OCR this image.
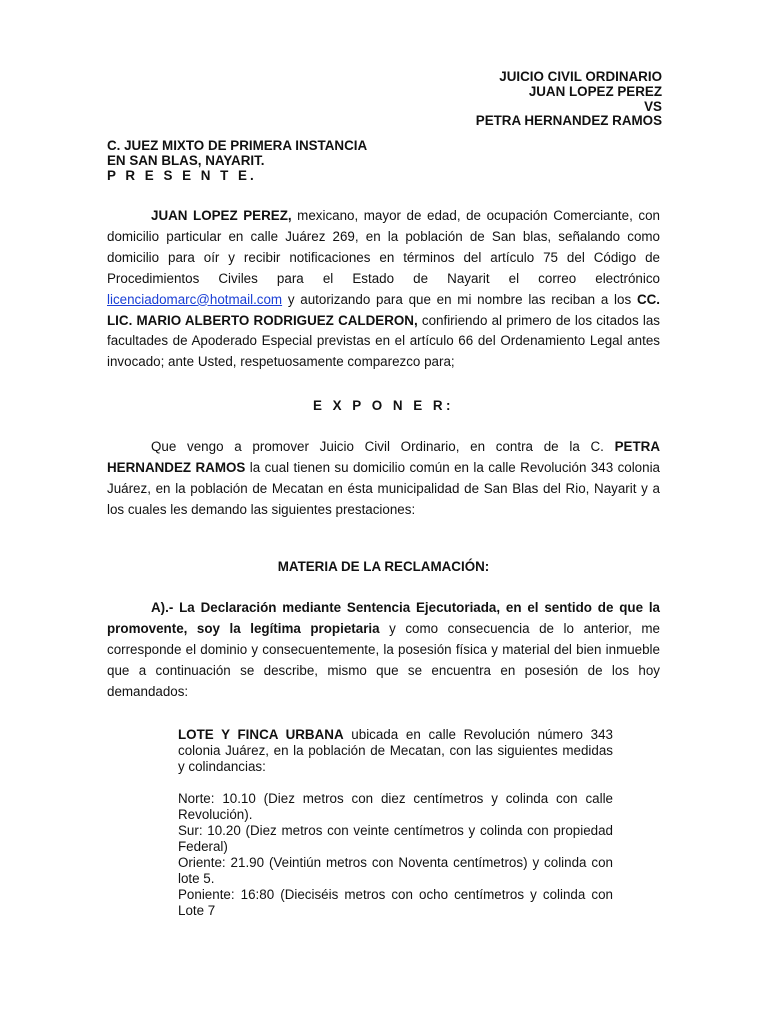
JUICIO CIVIL ORDINARIO
JUAN LOPEZ PEREZ
VS
PETRA HERNANDEZ RAMOS
C. JUEZ MIXTO DE PRIMERA INSTANCIA
EN SAN BLAS, NAYARIT.
P R E S E N T E.
JUAN LOPEZ PEREZ, mexicano, mayor de edad, de ocupación Comerciante, con domicilio particular en calle Juárez 269, en la población de San blas, señalando como domicilio para oír y recibir notificaciones en términos del artículo 75 del Código de Procedimientos Civiles para el Estado de Nayarit el correo electrónico licenciadomarc@hotmail.com y autorizando para que en mi nombre las reciban a los CC. LIC. MARIO ALBERTO RODRIGUEZ CALDERON, confiriendo al primero de los citados las facultades de Apoderado Especial previstas en el artículo 66 del Ordenamiento Legal antes invocado; ante Usted, respetuosamente comparezco para;
E X P O N E R:
Que vengo a promover Juicio Civil Ordinario, en contra de la C. PETRA HERNANDEZ RAMOS la cual tienen su domicilio común en la calle Revolución 343 colonia Juárez, en la población de Mecatan en ésta municipalidad de San Blas del Rio, Nayarit y a los cuales les demando las siguientes prestaciones:
MATERIA DE LA RECLAMACIÓN:
A).- La Declaración mediante Sentencia Ejecutoriada, en el sentido de que la promovente, soy la legítima propietaria y como consecuencia de lo anterior, me corresponde el dominio y consecuentemente, la posesión física y material del bien inmueble que a continuación se describe, mismo que se encuentra en posesión de los hoy demandados:

LOTE Y FINCA URBANA ubicada en calle Revolución número 343 colonia Juárez, en la población de Mecatan, con las siguientes medidas y colindancias:

Norte: 10.10 (Diez metros con diez centímetros y colinda con calle Revolución).

Sur: 10.20 (Diez metros con veinte centímetros y colinda con propiedad Federal)

Oriente: 21.90 (Veintiún metros con Noventa centímetros) y colinda con lote 5.

Poniente: 16:80 (Dieciséis metros con ocho centímetros y colinda con Lote 7
